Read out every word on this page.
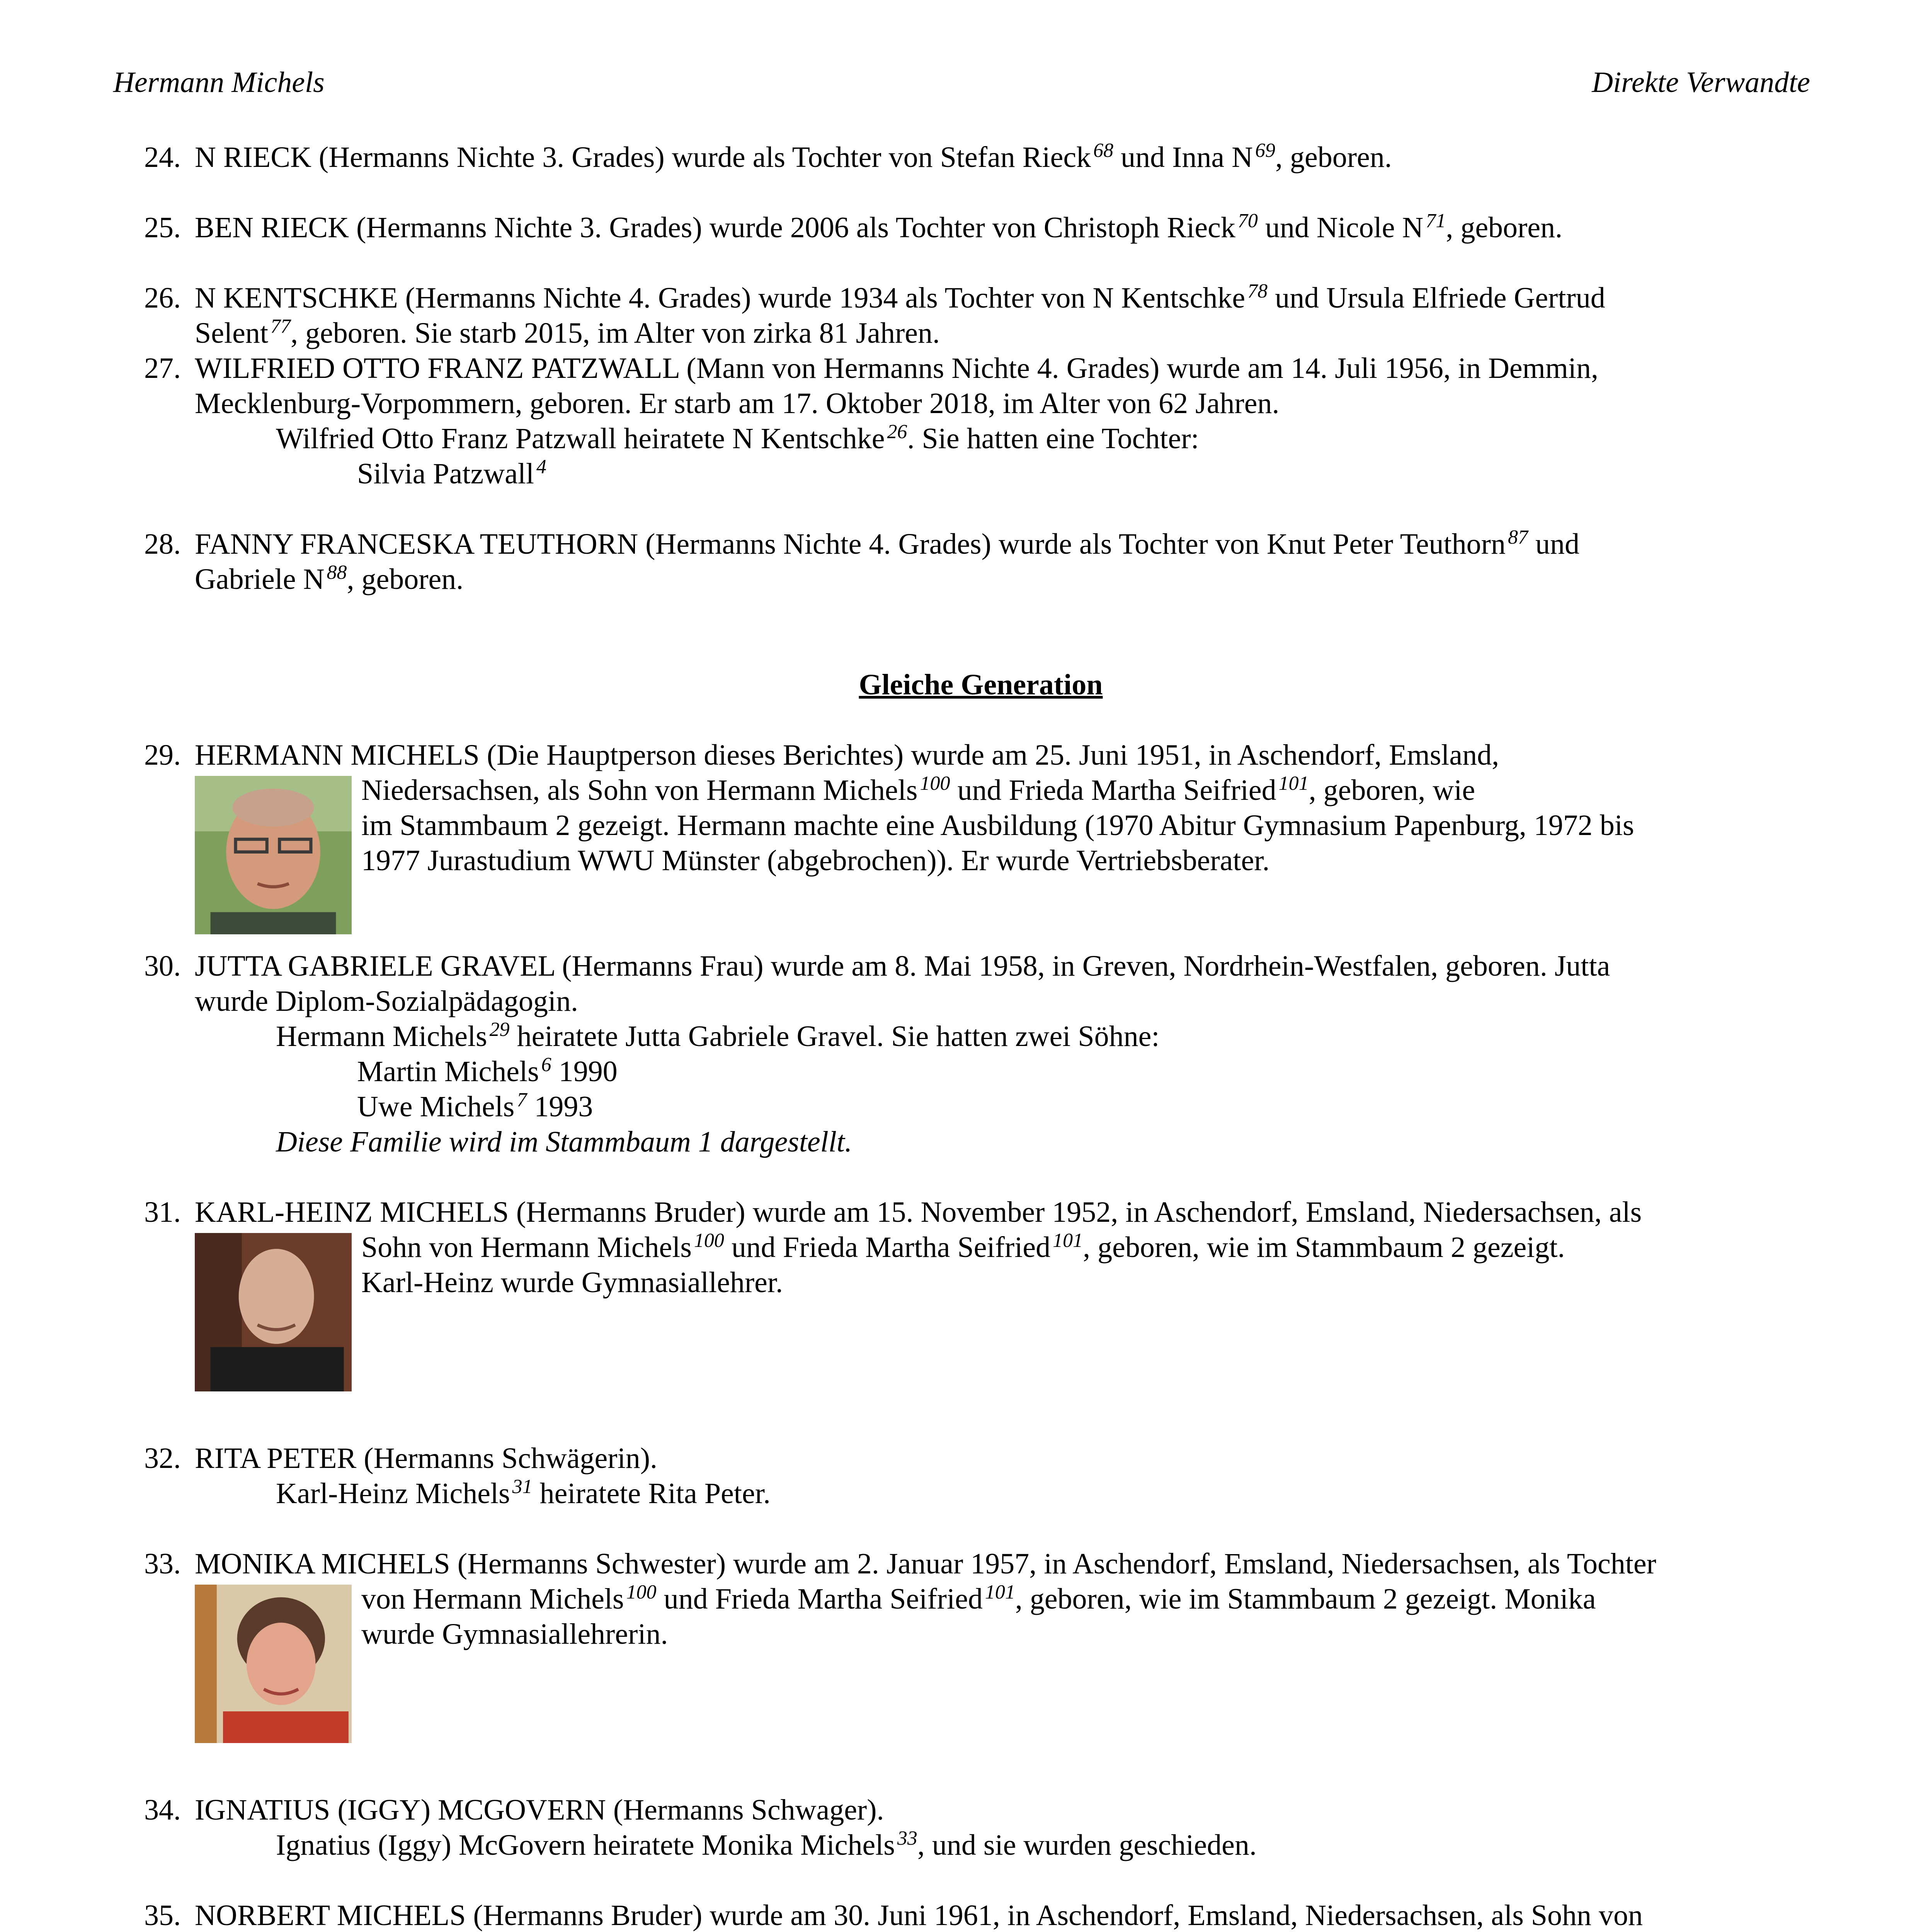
Hermann Michels	Direkte Verwandte
24. N RIECK (Hermanns Nichte 3. Grades) wurde als Tochter von Stefan Rieck $^{68}$ und Inna N $^{69}$, geboren.
25. BEN RIECK (Hermanns Nichte 3. Grades) wurde 2006 als Tochter von Christoph Rieck $^{70}$ und Nicole N $^{71}$, geboren.
26. N KENTSCHKE (Hermanns Nichte 4. Grades) wurde 1934 als Tochter von N Kentschke $^{78}$ und Ursula Elfriede Gertrud
Selent $^{77}$, geboren. Sie starb 2015, im Alter von zirka 81 Jahren.
27. WILFRIED OTTO FRANZ PATZWALL (Mann von Hermanns Nichte 4. Grades) wurde am 14. Juli 1956, in Demmin,
Mecklenburg-Vorpommern, geboren. Er starb am 17. Oktober 2018, im Alter von 62 Jahren.
Wilfried Otto Franz Patzwall heiratete N Kentschke $^{26}$. Sie hatten eine Tochter:
Silvia Patzwall $^4$
28. FANNY FRANCESKA TEUTHORN (Hermanns Nichte 4. Grades) wurde als Tochter von Knut Peter Teuthorn $^{87}$ und
Gabriele N $^{88}$, geboren.
Gleiche Generation
29. HERMANN MICHELS (Die Hauptperson dieses Berichtes) wurde am 25. Juni 1951, in Aschendorf, Emsland,
Niedersachsen, als Sohn von Hermann Michels $^{100}$ und Frieda Martha Seifried $^{101}$, geboren, wie
im Stammbaum 2 gezeigt. Hermann machte eine Ausbildung (1970 Abitur Gymnasium Papenburg, 1972 bis
1977 Jurastudium WWU Münster (abgebrochen)). Er wurde Vertriebsberater.
30. JUTTA GABRIELE GRAVEL (Hermanns Frau) wurde am 8. Mai 1958, in Greven, Nordrhein-Westfalen, geboren. Jutta
wurde Diplom-Sozialpädagogin.
Hermann Michels $^{29}$ heiratete Jutta Gabriele Gravel. Sie hatten zwei Söhne:
Martin Michels $^6$ 1990
Uwe Michels $^7$ 1993
Diese Familie wird im Stammbaum 1 dargestellt.
31. KARL-HEINZ MICHELS (Hermanns Bruder) wurde am 15. November 1952, in Aschendorf, Emsland, Niedersachsen, als
Sohn von Hermann Michels $^{100}$ und Frieda Martha Seifried $^{101}$, geboren, wie im Stammbaum 2 gezeigt.
Karl-Heinz wurde Gymnasiallehrer.
32. RITA PETER (Hermanns Schwägerin).
Karl-Heinz Michels $^{31}$ heiratete Rita Peter.
33. MONIKA MICHELS (Hermanns Schwester) wurde am 2. Januar 1957, in Aschendorf, Emsland, Niedersachsen, als Tochter
von Hermann Michels $^{100}$ und Frieda Martha Seifried $^{101}$, geboren, wie im Stammbaum 2 gezeigt. Monika
wurde Gymnasiallehrerin.
34. IGNATIUS (IGGY) MCGOVERN (Hermanns Schwager).
Ignatius (Iggy) McGovern heiratete Monika Michels $^{33}$, und sie wurden geschieden.
35. NORBERT MICHELS (Hermanns Bruder) wurde am 30. Juni 1961, in Aschendorf, Emsland, Niedersachsen, als Sohn von
